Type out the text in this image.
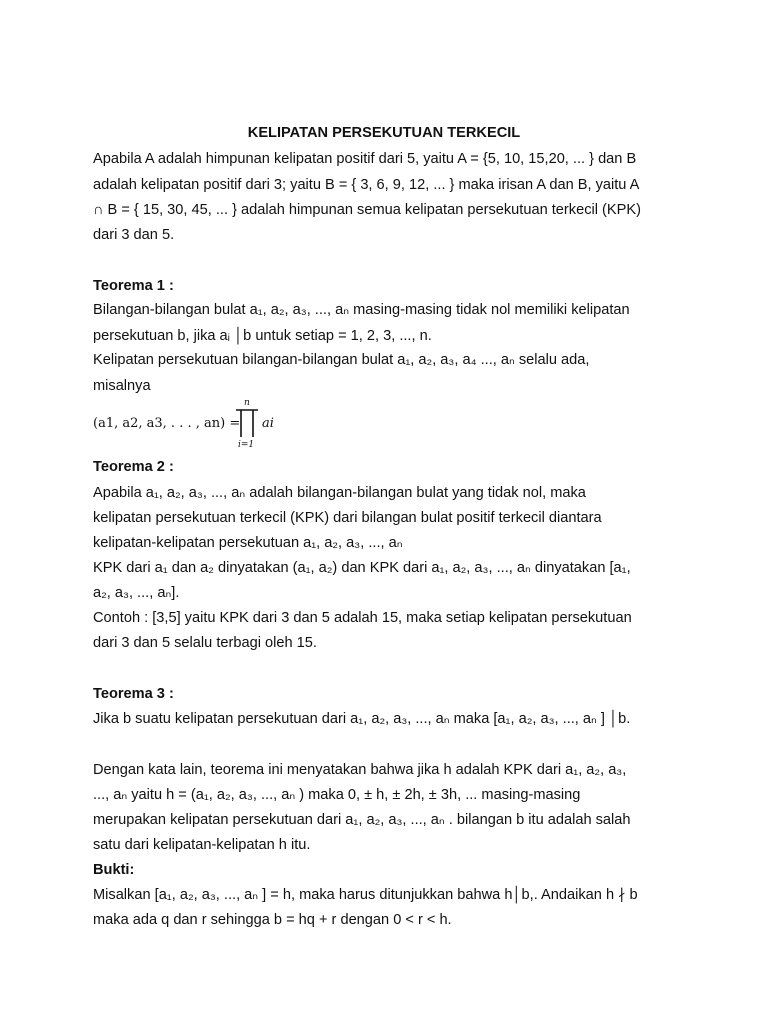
KELIPATAN PERSEKUTUAN TERKECIL

Apabila A adalah himpunan kelipatan positif dari 5, yaitu A = {5, 10, 15,20, ... } dan B

adalah kelipatan positif dari 3; yaitu B = { 3, 6, 9, 12, ... } maka irisan A dan B, yaitu A

∩ B = { 15, 30, 45, ... } adalah himpunan semua kelipatan persekutuan terkecil (KPK)

dari 3 dan 5.

Teorema 1 :

Bilangan-bilangan bulat a₁, a₂, a₃, ..., aₙ masing-masing tidak nol memiliki kelipatan

persekutuan b, jika aᵢ │b untuk setiap = 1, 2, 3, ..., n.

Kelipatan persekutuan bilangan-bilangan bulat a₁, a₂, a₃, a₄ ..., aₙ selalu ada,

misalnya

(a1, a2, a3, . . . , an) =
n
i=1
ai

Teorema 2 :

Apabila a₁, a₂, a₃, ..., aₙ adalah bilangan-bilangan bulat yang tidak nol, maka

kelipatan persekutuan terkecil (KPK) dari bilangan bulat positif terkecil diantara

kelipatan-kelipatan persekutuan a₁, a₂, a₃, ..., aₙ

KPK dari a₁ dan a₂ dinyatakan (a₁, a₂) dan KPK dari a₁, a₂, a₃, ..., aₙ dinyatakan [a₁,

a₂, a₃, ..., aₙ].

Contoh : [3,5] yaitu KPK dari 3 dan 5 adalah 15, maka setiap kelipatan persekutuan

dari 3 dan 5 selalu terbagi oleh 15.

Teorema 3 :

Jika b suatu kelipatan persekutuan dari a₁, a₂, a₃, ..., aₙ maka [a₁, a₂, a₃, ..., aₙ ] │b.

Dengan kata lain, teorema ini menyatakan bahwa jika h adalah KPK dari a₁, a₂, a₃,

..., aₙ yaitu h = (a₁, a₂, a₃, ..., aₙ ) maka 0, ± h, ± 2h, ± 3h, ... masing-masing

merupakan kelipatan persekutuan dari a₁, a₂, a₃, ..., aₙ . bilangan b itu adalah salah

satu dari kelipatan-kelipatan h itu.

Bukti:

Misalkan [a₁, a₂, a₃, ..., aₙ ] = h, maka harus ditunjukkan bahwa h│b,. Andaikan h ∤ b

maka ada q dan r sehingga b = hq + r dengan 0 < r < h.
